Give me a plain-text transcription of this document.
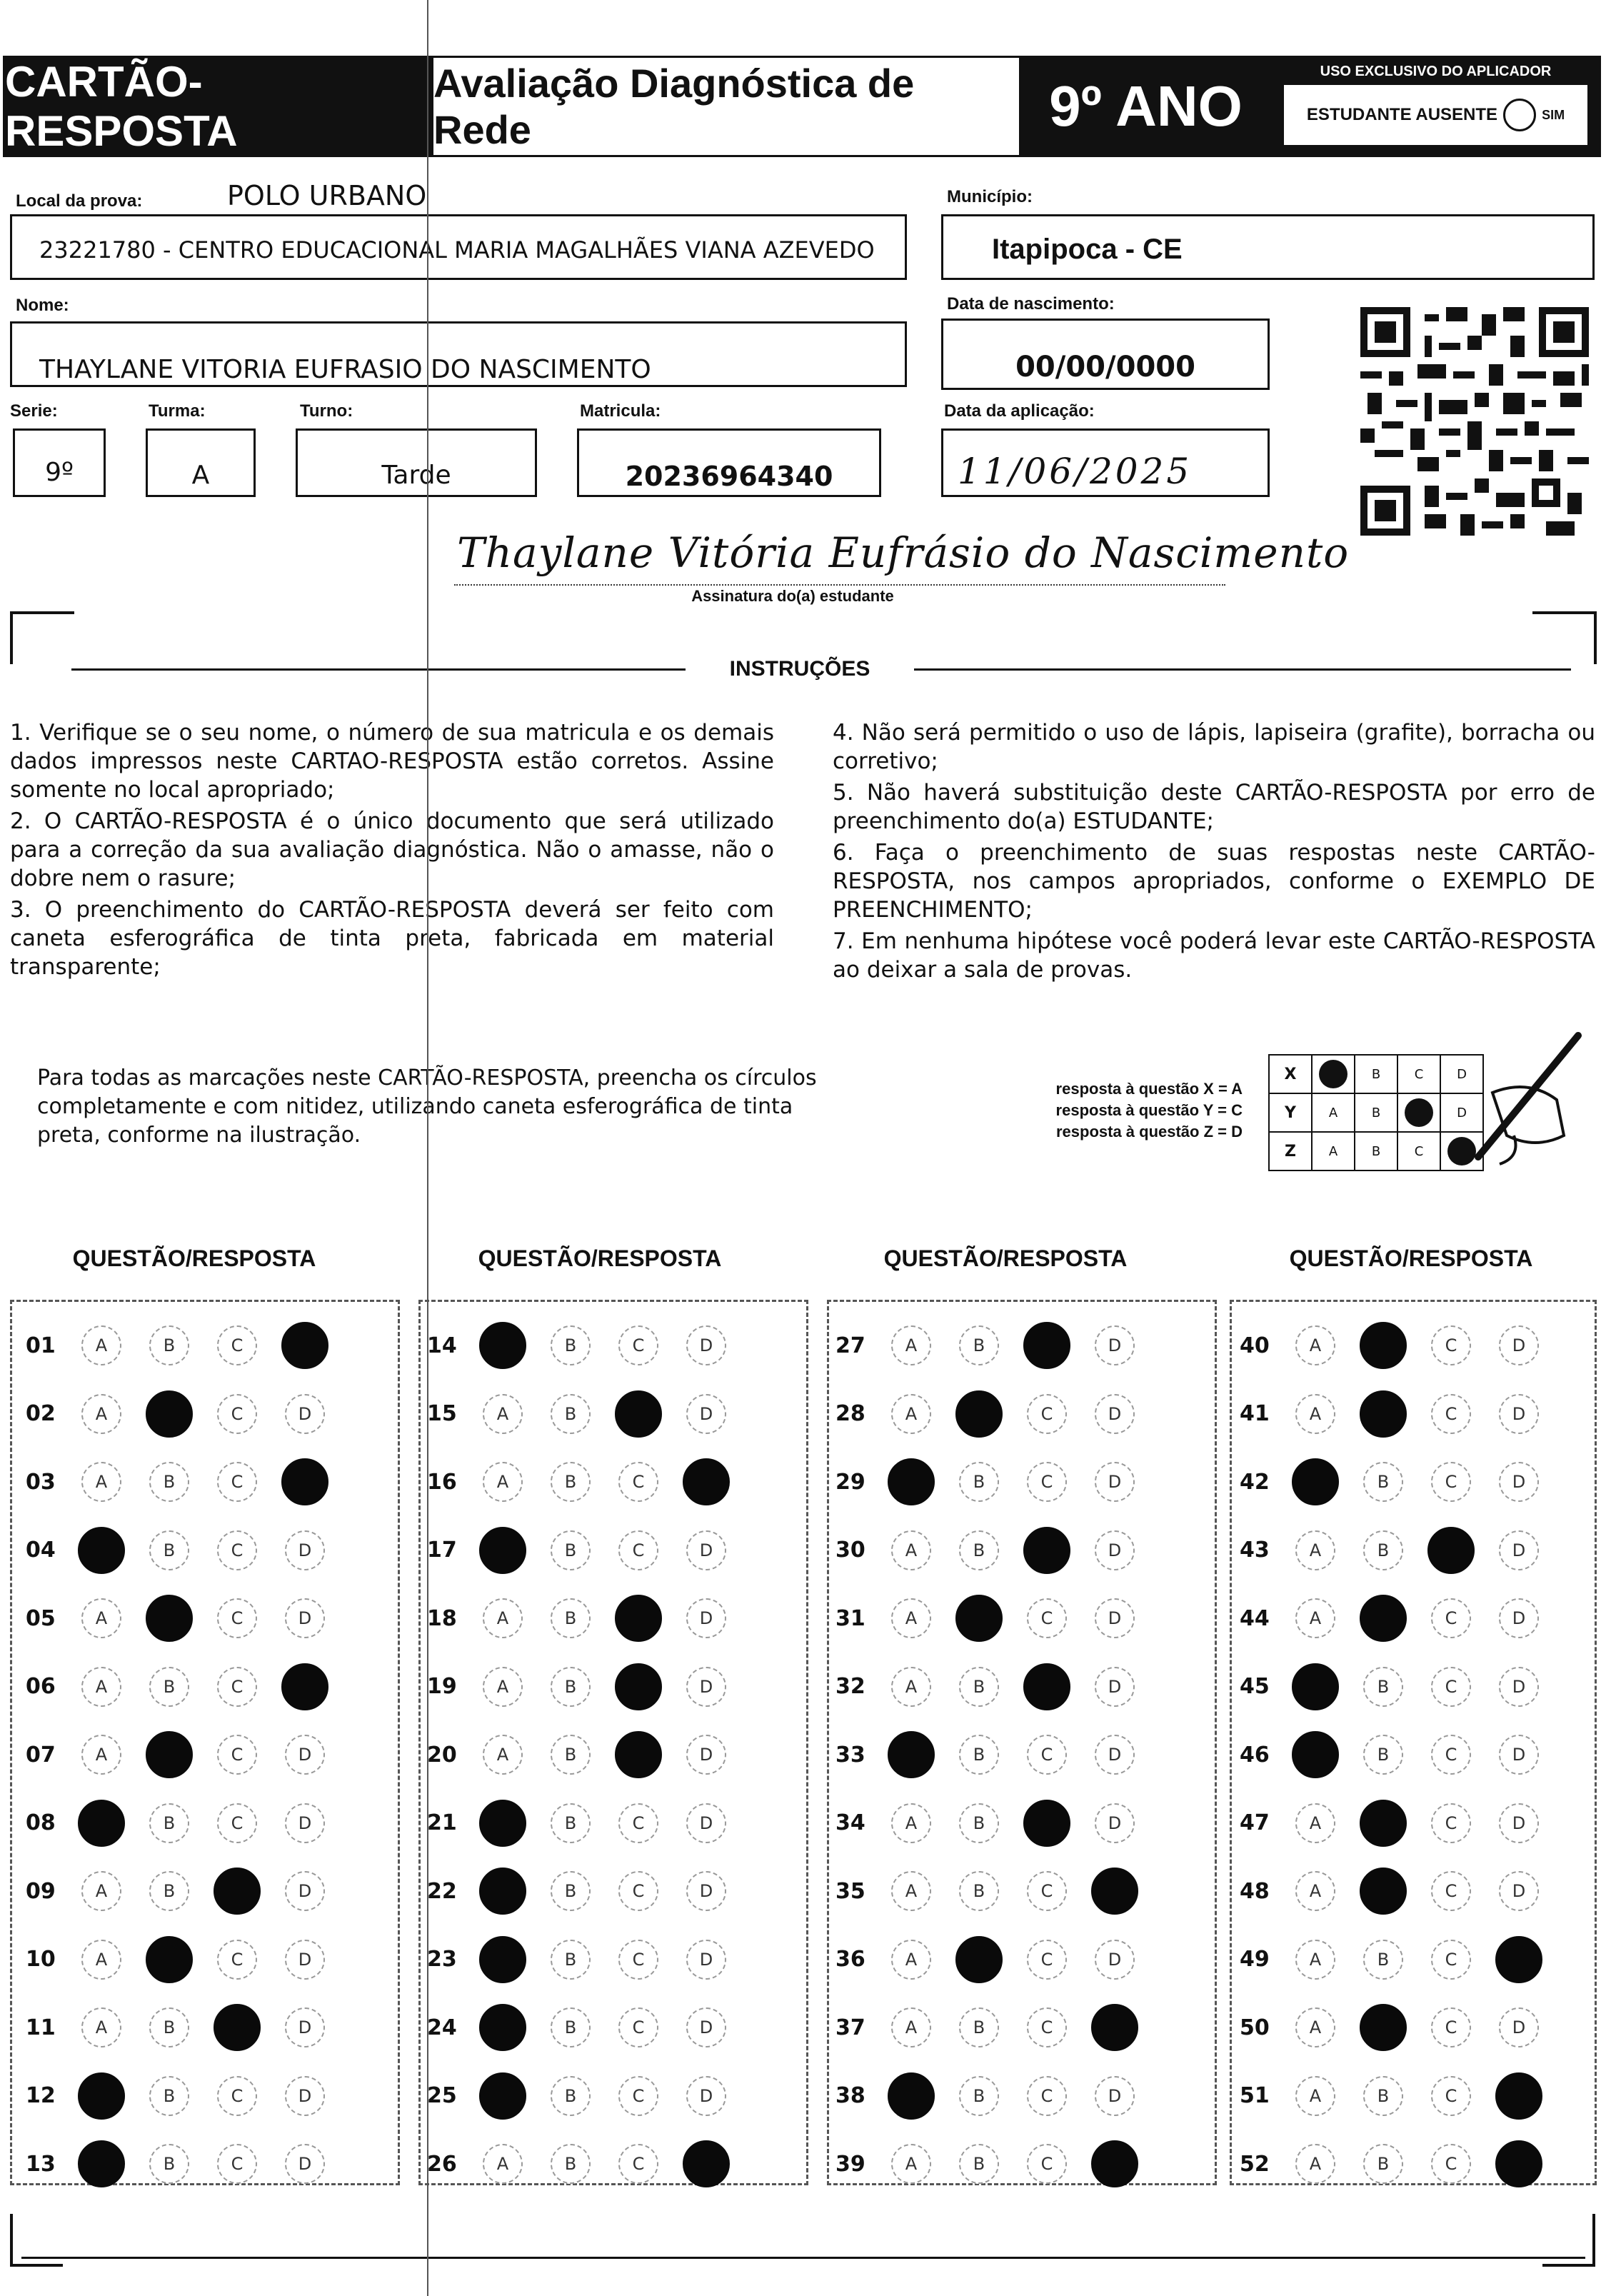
CARTÃO-RESPOSTA
Avaliação Diagnóstica de Rede	9º ANO
USO EXCLUSIVO DO APLICADOR
ESTUDANTE AUSENTE	SIM
Local da prova:	POLO URBANO
23221780 - CENTRO EDUCACIONAL MARIA MAGALHÃES VIANA AZEVEDO
Município:
Itapipoca - CE
Nome:
THAYLANE VITORIA EUFRASIO DO NASCIMENTO
Data de nascimento:
00/00/0000
Serie:
9º
Turma:
A
Turno:
Tarde
Matricula:
20236964340
Data da aplicação:
11/06/2025
Thaylane Vitória Eufrásio do Nascimento
Assinatura do(a) estudante
INSTRUÇÕES

1. Verifique se o seu nome, o número de sua matricula e os demais dados impressos neste CARTAO-RESPOSTA estão corretos. Assine somente no local apropriado;

2. O CARTÃO-RESPOSTA é o único documento que será utilizado para a correção da sua avaliação diagnóstica. Não o amasse, não o dobre nem o rasure;

3. O preenchimento do CARTÃO-RESPOSTA deverá ser feito com caneta esferográfica de tinta preta, fabricada em material transparente;

4. Não será permitido o uso de lápis, lapiseira (grafite), borracha ou corretivo;

5. Não haverá substituição deste CARTÃO-RESPOSTA por erro de preenchimento do(a) ESTUDANTE;

6. Faça o preenchimento de suas respostas neste CARTÃO-RESPOSTA, nos campos apropriados, conforme o EXEMPLO DE PREENCHIMENTO;

7. Em nenhuma hipótese você poderá levar este CARTÃO-RESPOSTA ao deixar a sala de provas.

Para todas as marcações neste CARTÃO-RESPOSTA, preencha os círculos completamente e com nitidez, utilizando caneta esferográfica de tinta preta, conforme na ilustração.
resposta à questão X = A
resposta à questão Y = C
resposta à questão Z = D
X		B	C	D
Y	A	B		D
Z	A	B	C	
QUESTÃO/RESPOSTA	QUESTÃO/RESPOSTA	QUESTÃO/RESPOSTA	QUESTÃO/RESPOSTA
01	A	B	C
02	A	C	D
03	A	B	C
04	B	C	D
05	A	C	D
06	A	B	C
07	A	C	D
08	B	C	D
09	A	B	D
10	A	C	D
11	A	B	D
12	B	C	D
13	B	C	D
14	B	C	D
15	A	B	D
16	A	B	C
17	B	C	D
18	A	B	D
19	A	B	D
20	A	B	D
21	B	C	D
22	B	C	D
23	B	C	D
24	B	C	D
25	B	C	D
26	A	B	C
27	A	B	D
28	A	C	D
29	B	C	D
30	A	B	D
31	A	C	D
32	A	B	D
33	B	C	D
34	A	B	D
35	A	B	C
36	A	C	D
37	A	B	C
38	B	C	D
39	A	B	C
40	A	C	D
41	A	C	D
42	B	C	D
43	A	B	D
44	A	C	D
45	B	C	D
46	B	C	D
47	A	C	D
48	A	C	D
49	A	B	C
50	A	C	D
51	A	B	C
52	A	B	C
